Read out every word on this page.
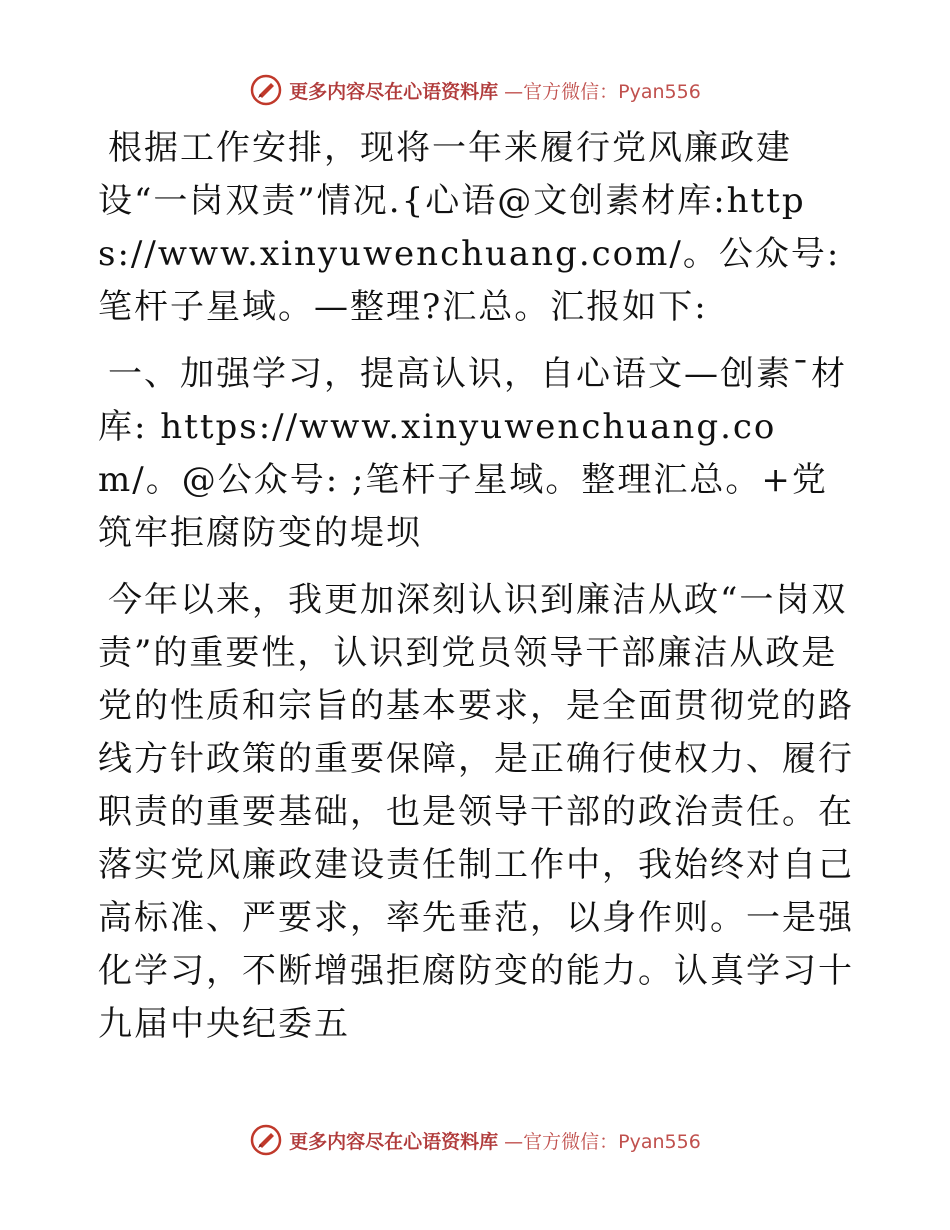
更多内容尽在心语资料库 —官方微信：Pyan556

根据工作安排，现将一年来履行党风廉政建设“一岗双责”情况.{心语@文创素材库:https://www.xinyuwenchuang.com/。公众号: 笔杆子星域。—整理?汇总。汇报如下:

一、加强学习，提高认识，自心语文—创素¯材库: https://www.xinyuwenchuang.com/。@公众号: ;笔杆子星域。整理汇总。+党筑牢拒腐防变的堤坝

今年以来，我更加深刻认识到廉洁从政“一岗双责”的重要性，认识到党员领导干部廉洁从政是党的性质和宗旨的基本要求，是全面贯彻党的路线方针政策的重要保障，是正确行使权力、履行职责的重要基础，也是领导干部的政治责任。在落实党风廉政建设责任制工作中，我始终对自己高标准、严要求，率先垂范，以身作则。一是强化学习，不断增强拒腐防变的能力。认真学习十九届中央纪委五

更多内容尽在心语资料库 —官方微信：Pyan556
